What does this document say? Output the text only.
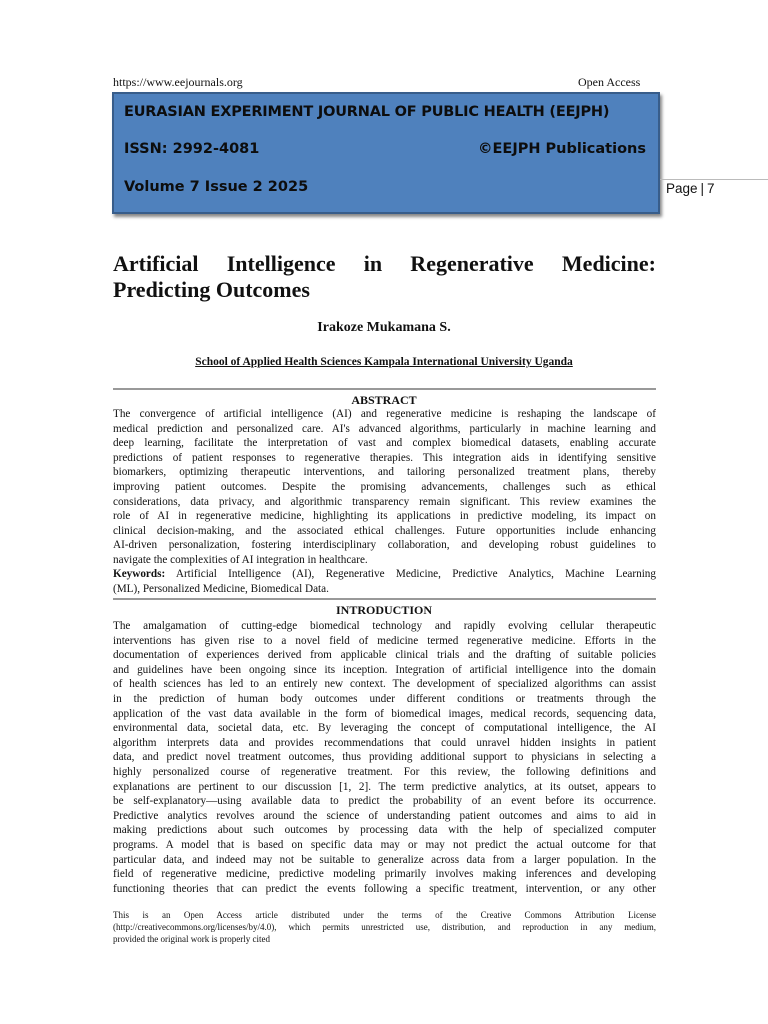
https://www.eejournals.org	Open Access
EURASIAN EXPERIMENT JOURNAL OF PUBLIC HEALTH (EEJPH)
ISSN: 2992-4081	©EEJPH Publications
Volume 7 Issue 2 2025	Page | 7
Artificial Intelligence in Regenerative Medicine:
Predicting Outcomes
Irakoze Mukamana S.
School of Applied Health Sciences Kampala International University Uganda
ABSTRACT
The convergence of artificial intelligence (AI) and regenerative medicine is reshaping the landscape of
medical prediction and personalized care. AI's advanced algorithms, particularly in machine learning and
deep learning, facilitate the interpretation of vast and complex biomedical datasets, enabling accurate
predictions of patient responses to regenerative therapies. This integration aids in identifying sensitive
biomarkers, optimizing therapeutic interventions, and tailoring personalized treatment plans, thereby
improving patient outcomes. Despite the promising advancements, challenges such as ethical
considerations, data privacy, and algorithmic transparency remain significant. This review examines the
role of AI in regenerative medicine, highlighting its applications in predictive modeling, its impact on
clinical decision-making, and the associated ethical challenges. Future opportunities include enhancing
AI-driven personalization, fostering interdisciplinary collaboration, and developing robust guidelines to
navigate the complexities of AI integration in healthcare.
Keywords: Artificial Intelligence (AI), Regenerative Medicine, Predictive Analytics, Machine Learning
(ML), Personalized Medicine, Biomedical Data.
INTRODUCTION
The amalgamation of cutting-edge biomedical technology and rapidly evolving cellular therapeutic
interventions has given rise to a novel field of medicine termed regenerative medicine. Efforts in the
documentation of experiences derived from applicable clinical trials and the drafting of suitable policies
and guidelines have been ongoing since its inception. Integration of artificial intelligence into the domain
of health sciences has led to an entirely new context. The development of specialized algorithms can assist
in the prediction of human body outcomes under different conditions or treatments through the
application of the vast data available in the form of biomedical images, medical records, sequencing data,
environmental data, societal data, etc. By leveraging the concept of computational intelligence, the AI
algorithm interprets data and provides recommendations that could unravel hidden insights in patient
data, and predict novel treatment outcomes, thus providing additional support to physicians in selecting a
highly personalized course of regenerative treatment. For this review, the following definitions and
explanations are pertinent to our discussion [1, 2]. The term predictive analytics, at its outset, appears to
be self-explanatory—using available data to predict the probability of an event before its occurrence.
Predictive analytics revolves around the science of understanding patient outcomes and aims to aid in
making predictions about such outcomes by processing data with the help of specialized computer
programs. A model that is based on specific data may or may not predict the actual outcome for that
particular data, and indeed may not be suitable to generalize across data from a larger population. In the
field of regenerative medicine, predictive modeling primarily involves making inferences and developing
functioning theories that can predict the events following a specific treatment, intervention, or any other
This is an Open Access article distributed under the terms of the Creative Commons Attribution License
(http://creativecommons.org/licenses/by/4.0), which permits unrestricted use, distribution, and reproduction in any medium,
provided the original work is properly cited
